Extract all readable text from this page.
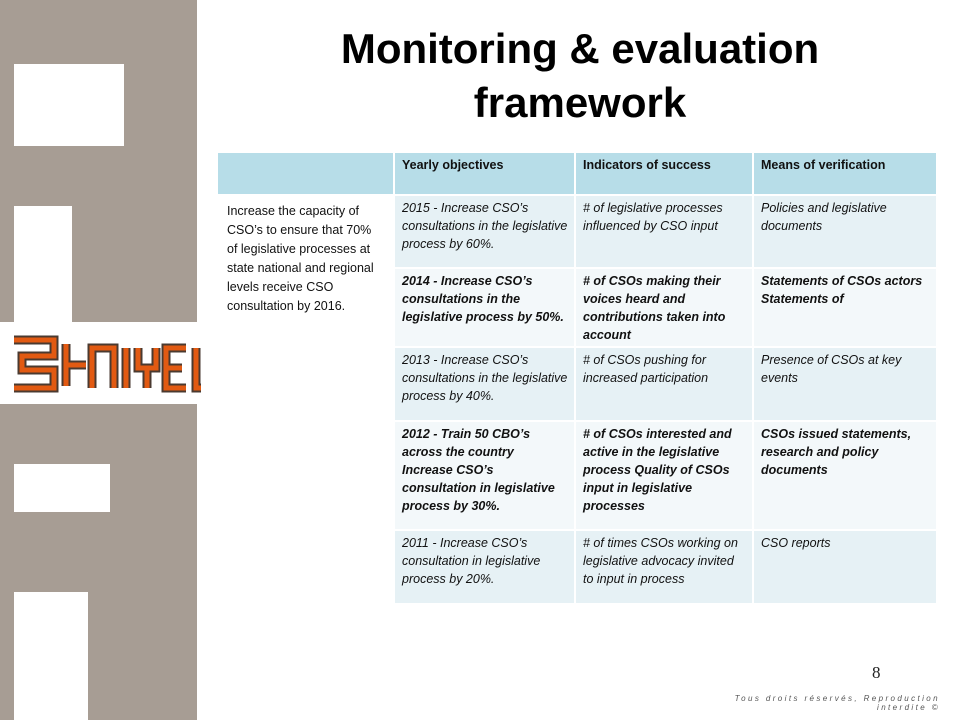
Monitoring & evaluation framework
	Yearly objectives	Indicators of success	Means of verification
Increase the capacity of CSO’s to ensure that 70% of legislative processes at state national and regional levels receive CSO consultation by 2016.	2015 - Increase CSO’s consultations in the legislative process by 60%.	# of legislative processes influenced by CSO input	Policies and legislative documents
	2014 - Increase CSO’s consultations in the legislative process by 50%.	# of CSOs making their voices heard and contributions taken into account	Statements of CSOs actors Statements of
	2013 - Increase CSO’s consultations in the legislative process by 40%.	# of CSOs pushing for increased participation	Presence of CSOs at key events
	2012 - Train 50 CBO’s across the country Increase CSO’s consultation in legislative process by 30%.	# of CSOs interested and active in the legislative process Quality of CSOs input in legislative processes	CSOs issued statements, research and policy documents
	2011 - Increase CSO’s consultation in legislative process by 20%.	# of times CSOs working on legislative advocacy invited to input in process	CSO reports
8
Tous droits réservés, Reproduction interdite ©
